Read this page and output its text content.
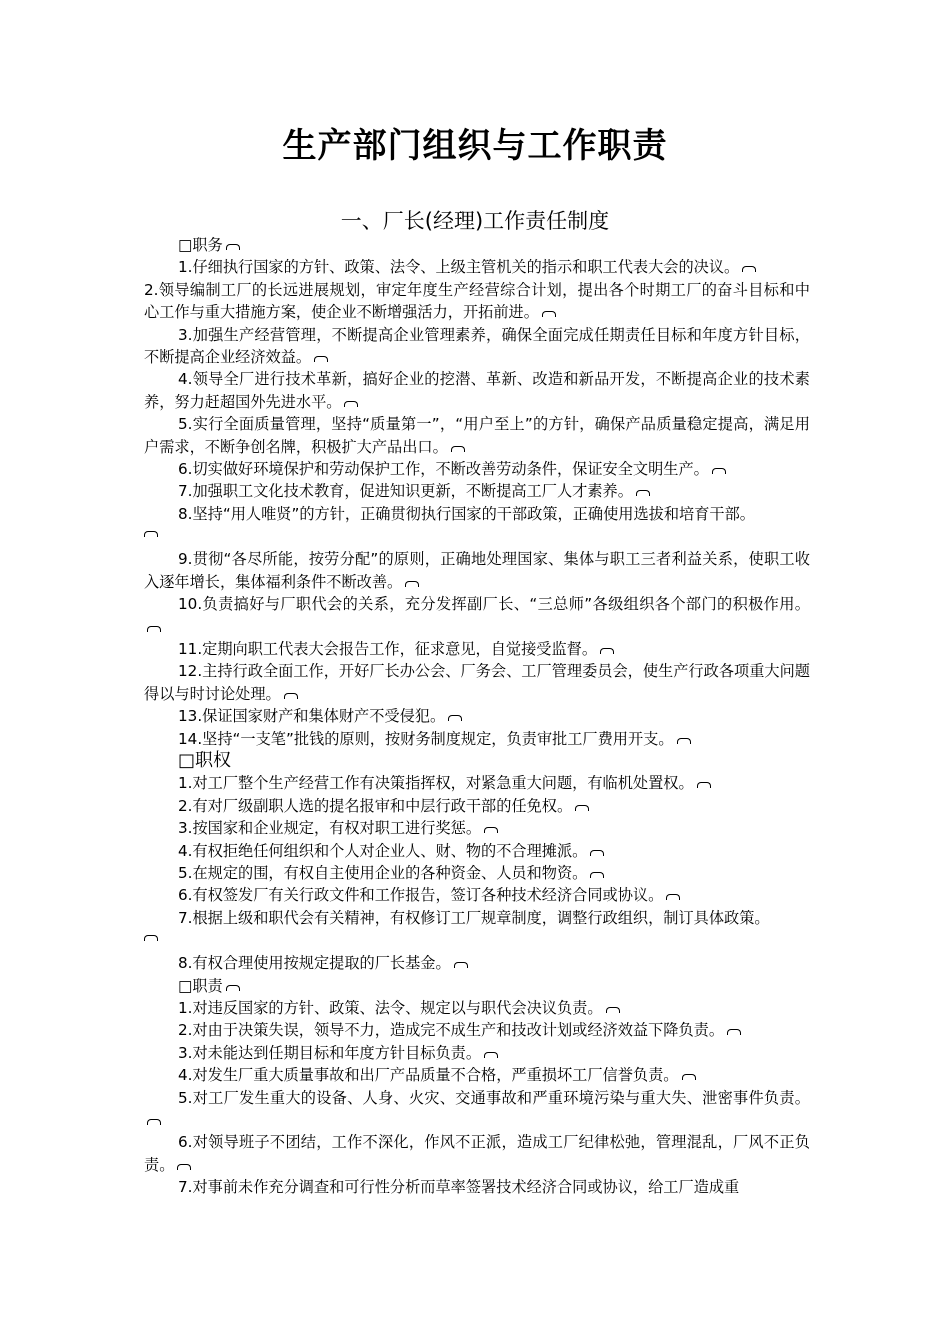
生产部门组织与工作职责
一、厂长(经理)工作责任制度
□职务
1.仔细执行国家的方针、政策、法令、上级主管机关的指示和职工代表大会的决议。
2.领导编制工厂的长远进展规划，审定年度生产经营综合计划，提出各个时期工厂的奋斗目标和中心工作与重大措施方案，使企业不断增强活力，开拓前进。
3.加强生产经营管理，不断提高企业管理素养，确保全面完成任期责任目标和年度方针目标，不断提高企业经济效益。
4.领导全厂进行技术革新，搞好企业的挖潜、革新、改造和新品开发，不断提高企业的技术素养，努力赶超国外先进水平。
5.实行全面质量管理，坚持“质量第一”，“用户至上”的方针，确保产品质量稳定提高，满足用户需求，不断争创名牌，积极扩大产品出口。
6.切实做好环境保护和劳动保护工作，不断改善劳动条件，保证安全文明生产。
7.加强职工文化技术教育，促进知识更新，不断提高工厂人才素养。
8.坚持“用人唯贤”的方针，正确贯彻执行国家的干部政策，正确使用选拔和培育干部。
9.贯彻“各尽所能，按劳分配”的原则，正确地处理国家、集体与职工三者利益关系，使职工收入逐年增长，集体福利条件不断改善。
10.负责搞好与厂职代会的关系，充分发挥副厂长、“三总师”各级组织各个部门的积极作用。
11.定期向职工代表大会报告工作，征求意见，自觉接受监督。
12.主持行政全面工作，开好厂长办公会、厂务会、工厂管理委员会，使生产行政各项重大问题得以与时讨论处理。
13.保证国家财产和集体财产不受侵犯。
14.坚持“一支笔”批钱的原则，按财务制度规定，负责审批工厂费用开支。
□职权
1.对工厂整个生产经营工作有决策指挥权，对紧急重大问题，有临机处置权。
2.有对厂级副职人选的提名报审和中层行政干部的任免权。
3.按国家和企业规定，有权对职工进行奖惩。
4.有权拒绝任何组织和个人对企业人、财、物的不合理摊派。
5.在规定的围，有权自主使用企业的各种资金、人员和物资。
6.有权签发厂有关行政文件和工作报告，签订各种技术经济合同或协议。
7.根据上级和职代会有关精神，有权修订工厂规章制度，调整行政组织，制订具体政策。
8.有权合理使用按规定提取的厂长基金。
□职责
1.对违反国家的方针、政策、法令、规定以与职代会决议负责。
2.对由于决策失误，领导不力，造成完不成生产和技改计划或经济效益下降负责。
3.对未能达到任期目标和年度方针目标负责。
4.对发生厂重大质量事故和出厂产品质量不合格，严重损坏工厂信誉负责。
5.对工厂发生重大的设备、人身、火灾、交通事故和严重环境污染与重大失、泄密事件负责。
6.对领导班子不团结，工作不深化，作风不正派，造成工厂纪律松弛，管理混乱，厂风不正负责。
7.对事前未作充分调查和可行性分析而草率签署技术经济合同或协议，给工厂造成重
